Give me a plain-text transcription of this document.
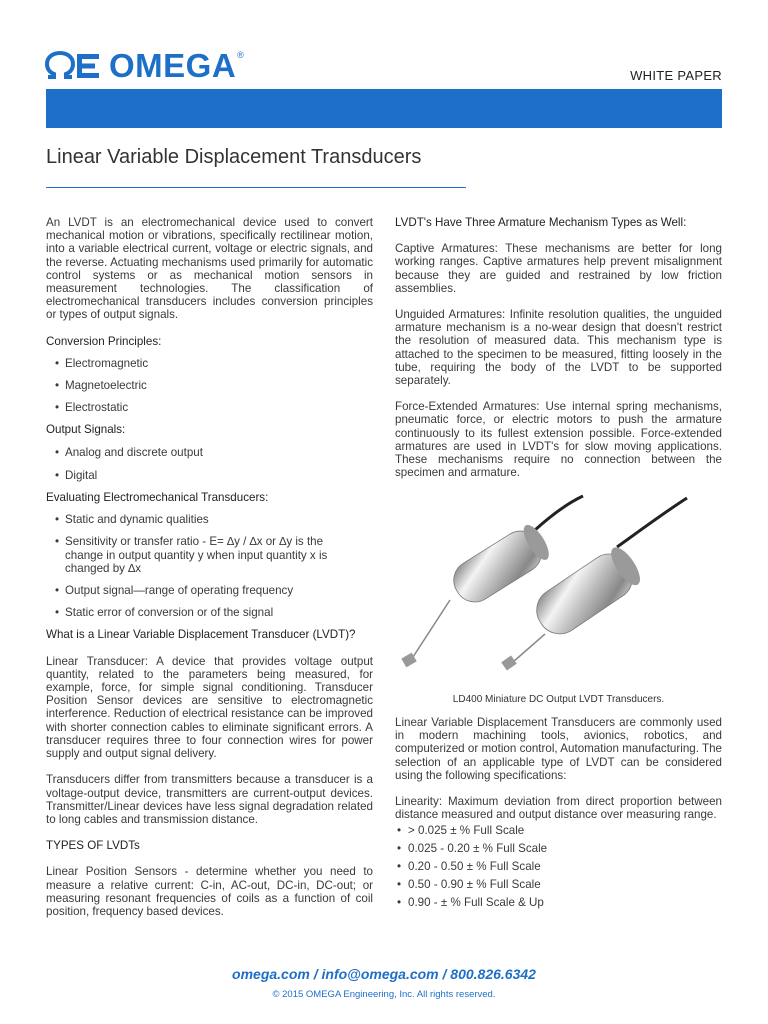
OMEGA ®
WHITE PAPER
Linear Variable Displacement Transducers

An LVDT is an electromechanical device used to convert mechanical motion or vibrations, specifically rectilinear motion, into a variable electrical current, voltage or electric signals, and the reverse. Actuating mechanisms used primarily for automatic control systems or as mechanical motion sensors in measurement technologies. The classification of electromechanical transducers includes conversion principles or types of output signals.

Conversion Principles:

• Electromagnetic
• Magnetoelectric
• Electrostatic

Output Signals:

• Analog and discrete output
• Digital

Evaluating Electromechanical Transducers:

• Static and dynamic qualities
• Sensitivity or transfer ratio - E= ∆y / ∆x or ∆y is the change in output quantity y when input quantity x is changed by ∆x
• Output signal—range of operating frequency
• Static error of conversion or of the signal

What is a Linear Variable Displacement Transducer (LVDT)?

Linear Transducer: A device that provides voltage output quantity, related to the parameters being measured, for example, force, for simple signal conditioning. Transducer Position Sensor devices are sensitive to electromagnetic interference. Reduction of electrical resistance can be improved with shorter connection cables to eliminate significant errors. A transducer requires three to four connection wires for power supply and output signal delivery.

Transducers differ from transmitters because a transducer is a voltage-output device, transmitters are current-output devices. Transmitter/Linear devices have less signal degradation related to long cables and transmission distance.

TYPES OF LVDTs

Linear Position Sensors - determine whether you need to measure a relative current: C-in, AC-out, DC-in, DC-out; or measuring resonant frequencies of coils as a function of coil position, frequency based devices.

LVDT's Have Three Armature Mechanism Types as Well:

Captive Armatures: These mechanisms are better for long working ranges. Captive armatures help prevent misalignment because they are guided and restrained by low friction assemblies.

Unguided Armatures: Infinite resolution qualities, the unguided armature mechanism is a no-wear design that doesn't restrict the resolution of measured data. This mechanism type is attached to the specimen to be measured, fitting loosely in the tube, requiring the body of the LVDT to be supported separately.

Force-Extended Armatures: Use internal spring mechanisms, pneumatic force, or electric motors to push the armature continuously to its fullest extension possible. Force-extended armatures are used in LVDT's for slow moving applications. These mechanisms require no connection between the specimen and armature.

LD400 Miniature DC Output LVDT Transducers.

Linear Variable Displacement Transducers are commonly used in modern machining tools, avionics, robotics, and computerized or motion control, Automation manufacturing. The selection of an applicable type of LVDT can be considered using the following specifications:

Linearity: Maximum deviation from direct proportion between distance measured and output distance over measuring range.

• > 0.025 ± % Full Scale
• 0.025 - 0.20 ± % Full Scale
• 0.20 - 0.50 ± % Full Scale
• 0.50 - 0.90 ± % Full Scale
• 0.90 - ± % Full Scale & Up
omega.com / info@omega.com / 800.826.6342
© 2015 OMEGA Engineering, Inc. All rights reserved.
